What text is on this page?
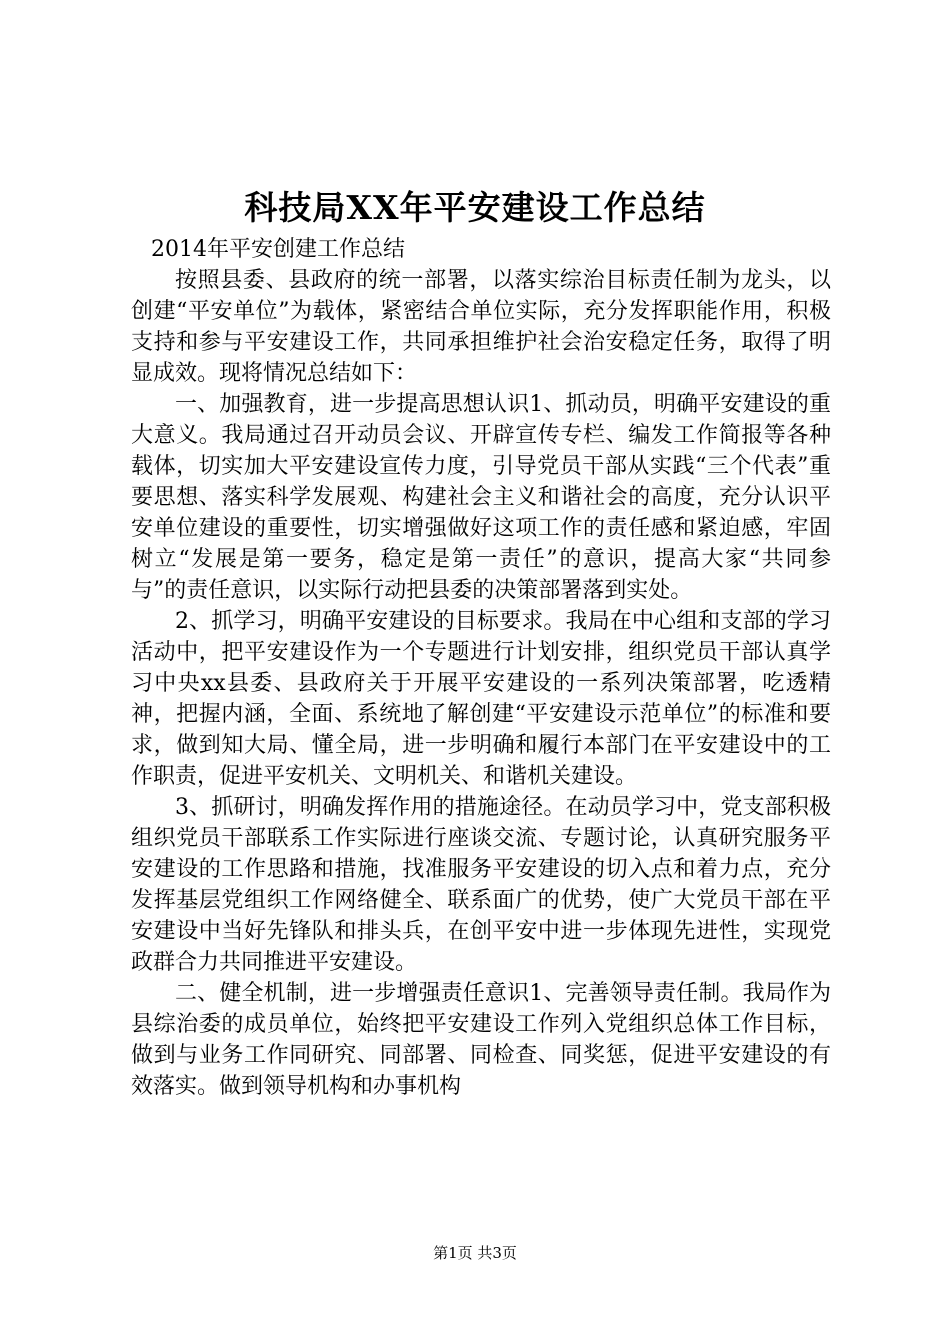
科技局XX年平安建设工作总结

2014年平安创建工作总结

按照县委、县政府的统一部署，以落实综治目标责任制为龙头，以创建“平安单位”为载体，紧密结合单位实际，充分发挥职能作用，积极支持和参与平安建设工作，共同承担维护社会治安稳定任务，取得了明显成效。现将情况总结如下：

一、加强教育，进一步提高思想认识1、抓动员，明确平安建设的重大意义。我局通过召开动员会议、开辟宣传专栏、编发工作简报等各种载体，切实加大平安建设宣传力度，引导党员干部从实践“三个代表”重要思想、落实科学发展观、构建社会主义和谐社会的高度，充分认识平安单位建设的重要性，切实增强做好这项工作的责任感和紧迫感，牢固树立“发展是第一要务，稳定是第一责任”的意识，提高大家“共同参与”的责任意识，以实际行动把县委的决策部署落到实处。

2、抓学习，明确平安建设的目标要求。我局在中心组和支部的学习活动中，把平安建设作为一个专题进行计划安排，组织党员干部认真学习中央xx县委、县政府关于开展平安建设的一系列决策部署，吃透精神，把握内涵，全面、系统地了解创建“平安建设示范单位”的标准和要求，做到知大局、懂全局，进一步明确和履行本部门在平安建设中的工作职责，促进平安机关、文明机关、和谐机关建设。

3、抓研讨，明确发挥作用的措施途径。在动员学习中，党支部积极组织党员干部联系工作实际进行座谈交流、专题讨论，认真研究服务平安建设的工作思路和措施，找准服务平安建设的切入点和着力点，充分发挥基层党组织工作网络健全、联系面广的优势，使广大党员干部在平安建设中当好先锋队和排头兵，在创平安中进一步体现先进性，实现党政群合力共同推进平安建设。

二、健全机制，进一步增强责任意识1、完善领导责任制。我局作为县综治委的成员单位，始终把平安建设工作列入党组织总体工作目标，做到与业务工作同研究、同部署、同检查、同奖惩，促进平安建设的有效落实。做到领导机构和办事机构

第1页 共3页
